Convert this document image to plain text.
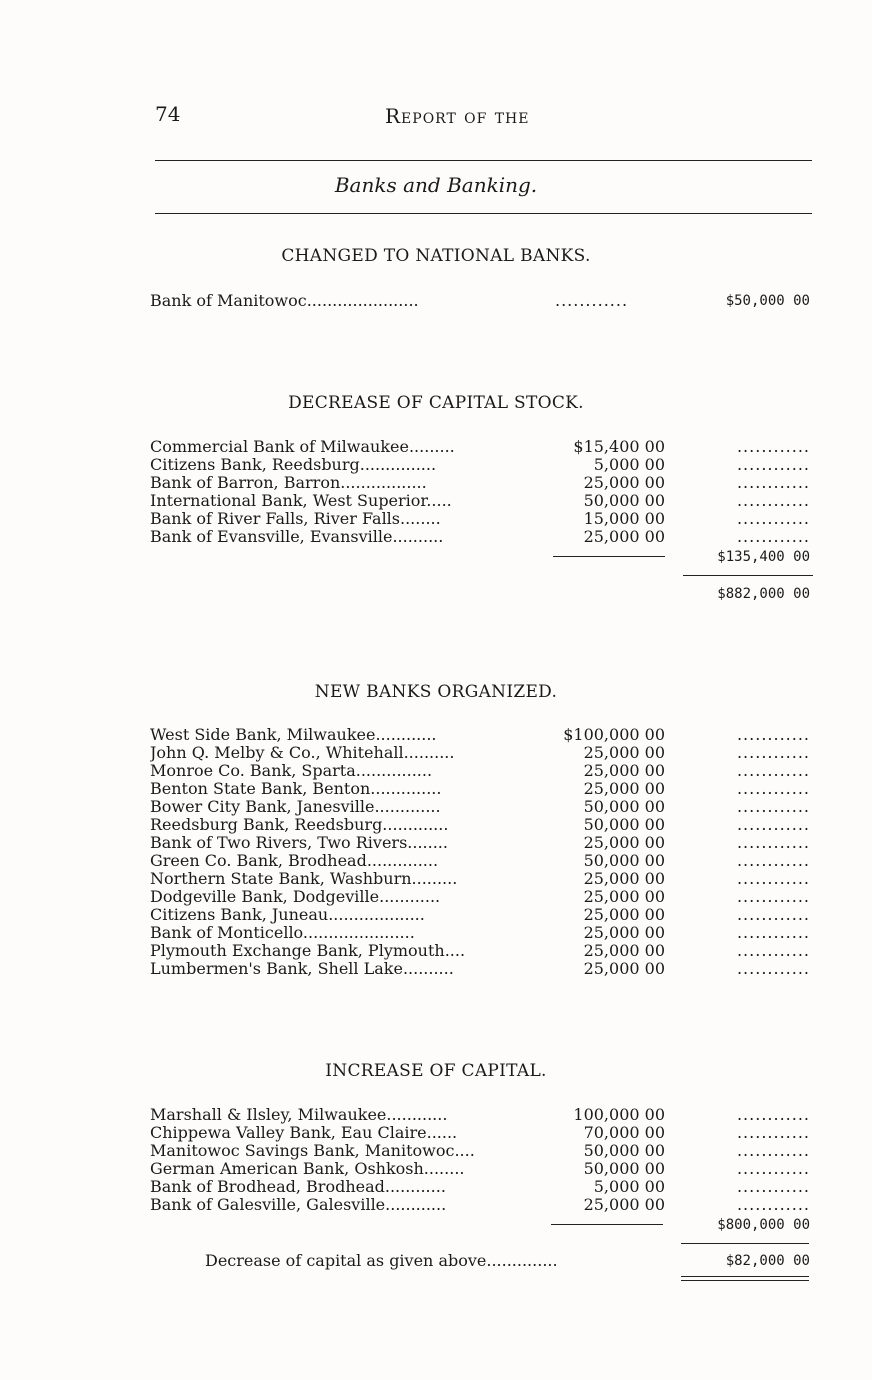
74	Report of the
Banks and Banking.
CHANGED TO NATIONAL BANKS.
Bank of Manitowoc......................	............	$50,000 00
DECREASE OF CAPITAL STOCK.
Commercial Bank of Milwaukee.........	$15,400 00	............
Citizens Bank, Reedsburg...............	5,000 00	............
Bank of Barron, Barron.................	25,000 00	............
International Bank, West Superior.....	50,000 00	............
Bank of River Falls, River Falls........	15,000 00	............
Bank of Evansville, Evansville..........	25,000 00	............
$135,400 00
$882,000 00
NEW BANKS ORGANIZED.
West Side Bank, Milwaukee............	$100,000 00	............
John Q. Melby & Co., Whitehall..........	25,000 00	............
Monroe Co. Bank, Sparta...............	25,000 00	............
Benton State Bank, Benton..............	25,000 00	............
Bower City Bank, Janesville.............	50,000 00	............
Reedsburg Bank, Reedsburg.............	50,000 00	............
Bank of Two Rivers, Two Rivers........	25,000 00	............
Green Co. Bank, Brodhead..............	50,000 00	............
Northern State Bank, Washburn.........	25,000 00	............
Dodgeville Bank, Dodgeville............	25,000 00	............
Citizens Bank, Juneau...................	25,000 00	............
Bank of Monticello......................	25,000 00	............
Plymouth Exchange Bank, Plymouth....	25,000 00	............
Lumbermen's Bank, Shell Lake..........	25,000 00	............
INCREASE OF CAPITAL.
Marshall & Ilsley, Milwaukee............	100,000 00	............
Chippewa Valley Bank, Eau Claire......	70,000 00	............
Manitowoc Savings Bank, Manitowoc....	50,000 00	............
German American Bank, Oshkosh........	50,000 00	............
Bank of Brodhead, Brodhead............	5,000 00	............
Bank of Galesville, Galesville............	25,000 00	............
$800,000 00
Decrease of capital as given above..............	$82,000 00
